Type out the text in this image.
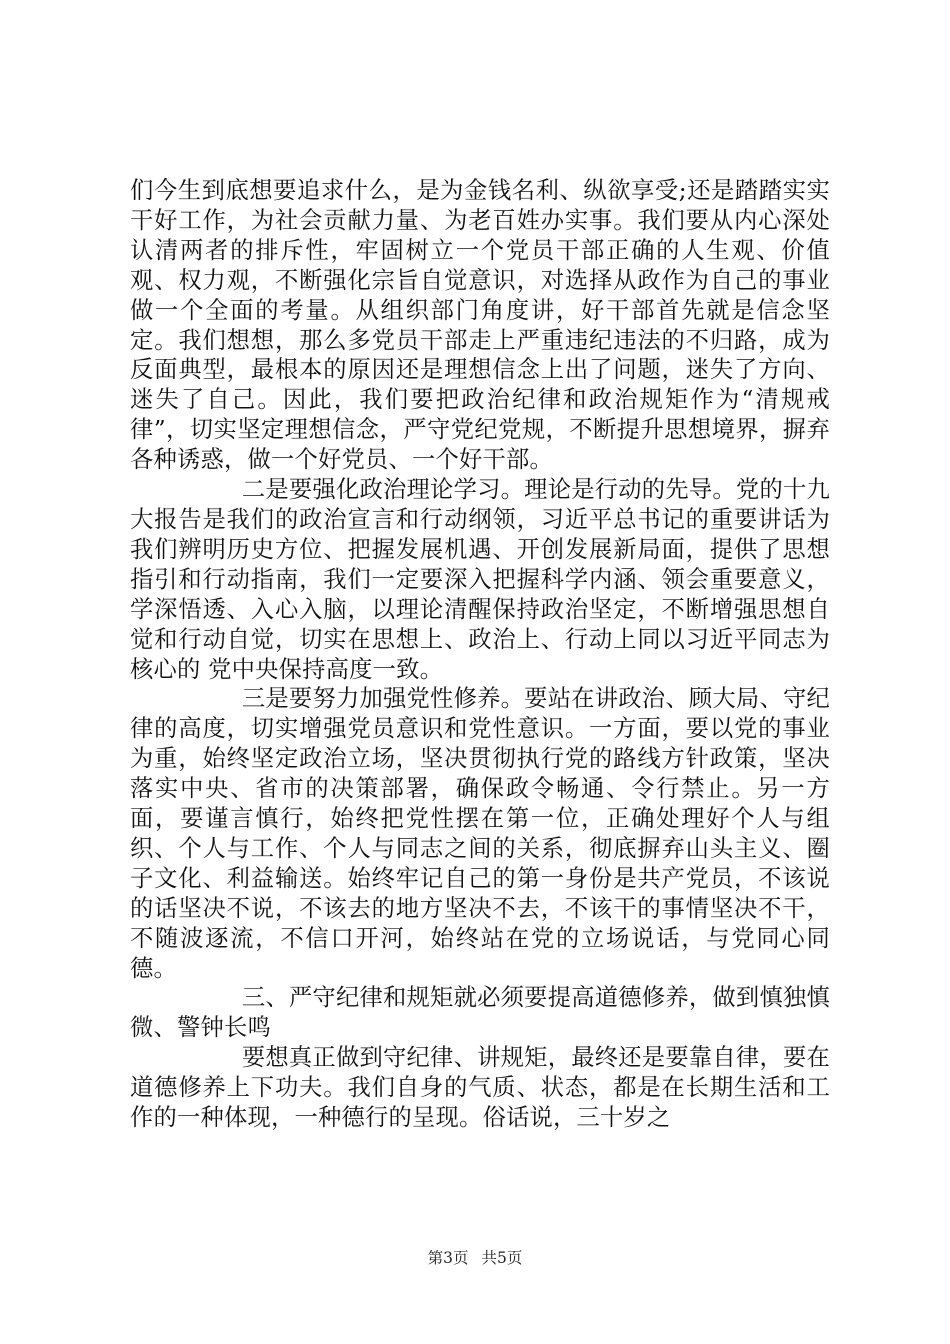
们今生到底想要追求什么，是为金钱名利、纵欲享受;还是踏踏实实干好工作，为社会贡献力量、为老百姓办实事。我们要从内心深处认清两者的排斥性，牢固树立一个党员干部正确的人生观、价值观、权力观，不断强化宗旨自觉意识，对选择从政作为自己的事业做一个全面的考量。从组织部门角度讲，好干部首先就是信念坚定。我们想想，那么多党员干部走上严重违纪违法的不归路，成为反面典型，最根本的原因还是理想信念上出了问题，迷失了方向、迷失了自己。因此，我们要把政治纪律和政治规矩作为“清规戒律”，切实坚定理想信念，严守党纪党规，不断提升思想境界，摒弃各种诱惑，做一个好党员、一个好干部。

二是要强化政治理论学习。理论是行动的先导。党的十九大报告是我们的政治宣言和行动纲领，习近平总书记的重要讲话为我们辨明历史方位、把握发展机遇、开创发展新局面，提供了思想指引和行动指南，我们一定要深入把握科学内涵、领会重要意义，学深悟透、入心入脑，以理论清醒保持政治坚定，不断增强思想自觉和行动自觉，切实在思想上、政治上、行动上同以习近平同志为核心的 党中央保持高度一致。

三是要努力加强党性修养。要站在讲政治、顾大局、守纪律的高度，切实增强党员意识和党性意识。一方面，要以党的事业为重，始终坚定政治立场，坚决贯彻执行党的路线方针政策，坚决落实中央、省市的决策部署，确保政令畅通、令行禁止。另一方面，要谨言慎行，始终把党性摆在第一位，正确处理好个人与组织、个人与工作、个人与同志之间的关系，彻底摒弃山头主义、圈子文化、利益输送。始终牢记自己的第一身份是共产党员，不该说的话坚决不说，不该去的地方坚决不去，不该干的事情坚决不干，不随波逐流，不信口开河，始终站在党的立场说话，与党同心同德。

三、严守纪律和规矩就必须要提高道德修养，做到慎独慎微、警钟长鸣

要想真正做到守纪律、讲规矩，最终还是要靠自律，要在道德修养上下功夫。我们自身的气质、状态，都是在长期生活和工作的一种体现，一种德行的呈现。俗话说，三十岁之

第3页 共5页
